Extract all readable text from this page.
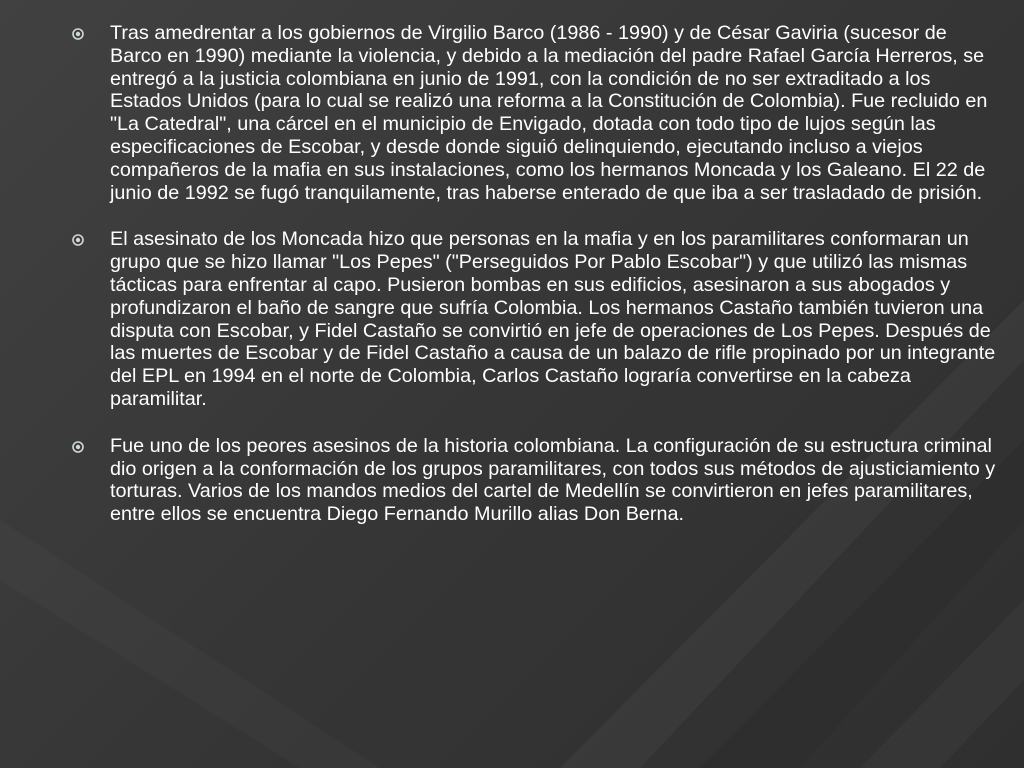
Tras amedrentar a los gobiernos de Virgilio Barco (1986 - 1990) y de César Gaviria (sucesor de Barco en 1990) mediante la violencia, y debido a la mediación del padre Rafael García Herreros, se entregó a la justicia colombiana en junio de 1991, con la condición de no ser extraditado a los Estados Unidos (para lo cual se realizó una reforma a la Constitución de Colombia). Fue recluido en "La Catedral", una cárcel en el municipio de Envigado, dotada con todo tipo de lujos según las especificaciones de Escobar, y desde donde siguió delinquiendo, ejecutando incluso a viejos compañeros de la mafia en sus instalaciones, como los hermanos Moncada y los Galeano. El 22 de junio de 1992 se fugó tranquilamente, tras haberse enterado de que iba a ser trasladado de prisión.
El asesinato de los Moncada hizo que personas en la mafia y en los paramilitares conformaran un grupo que se hizo llamar "Los Pepes" ("Perseguidos Por Pablo Escobar") y que utilizó las mismas tácticas para enfrentar al capo. Pusieron bombas en sus edificios, asesinaron a sus abogados y profundizaron el baño de sangre que sufría Colombia. Los hermanos Castaño también tuvieron una disputa con Escobar, y Fidel Castaño se convirtió en jefe de operaciones de Los Pepes. Después de las muertes de Escobar y de Fidel Castaño a causa de un balazo de rifle propinado por un integrante del EPL en 1994 en el norte de Colombia, Carlos Castaño lograría convertirse en la cabeza paramilitar.
Fue uno de los peores asesinos de la historia colombiana. La configuración de su estructura criminal dio origen a la conformación de los grupos paramilitares, con todos sus métodos de ajusticiamiento y torturas. Varios de los mandos medios del cartel de Medellín se convirtieron en jefes paramilitares, entre ellos se encuentra Diego Fernando Murillo alias Don Berna.
